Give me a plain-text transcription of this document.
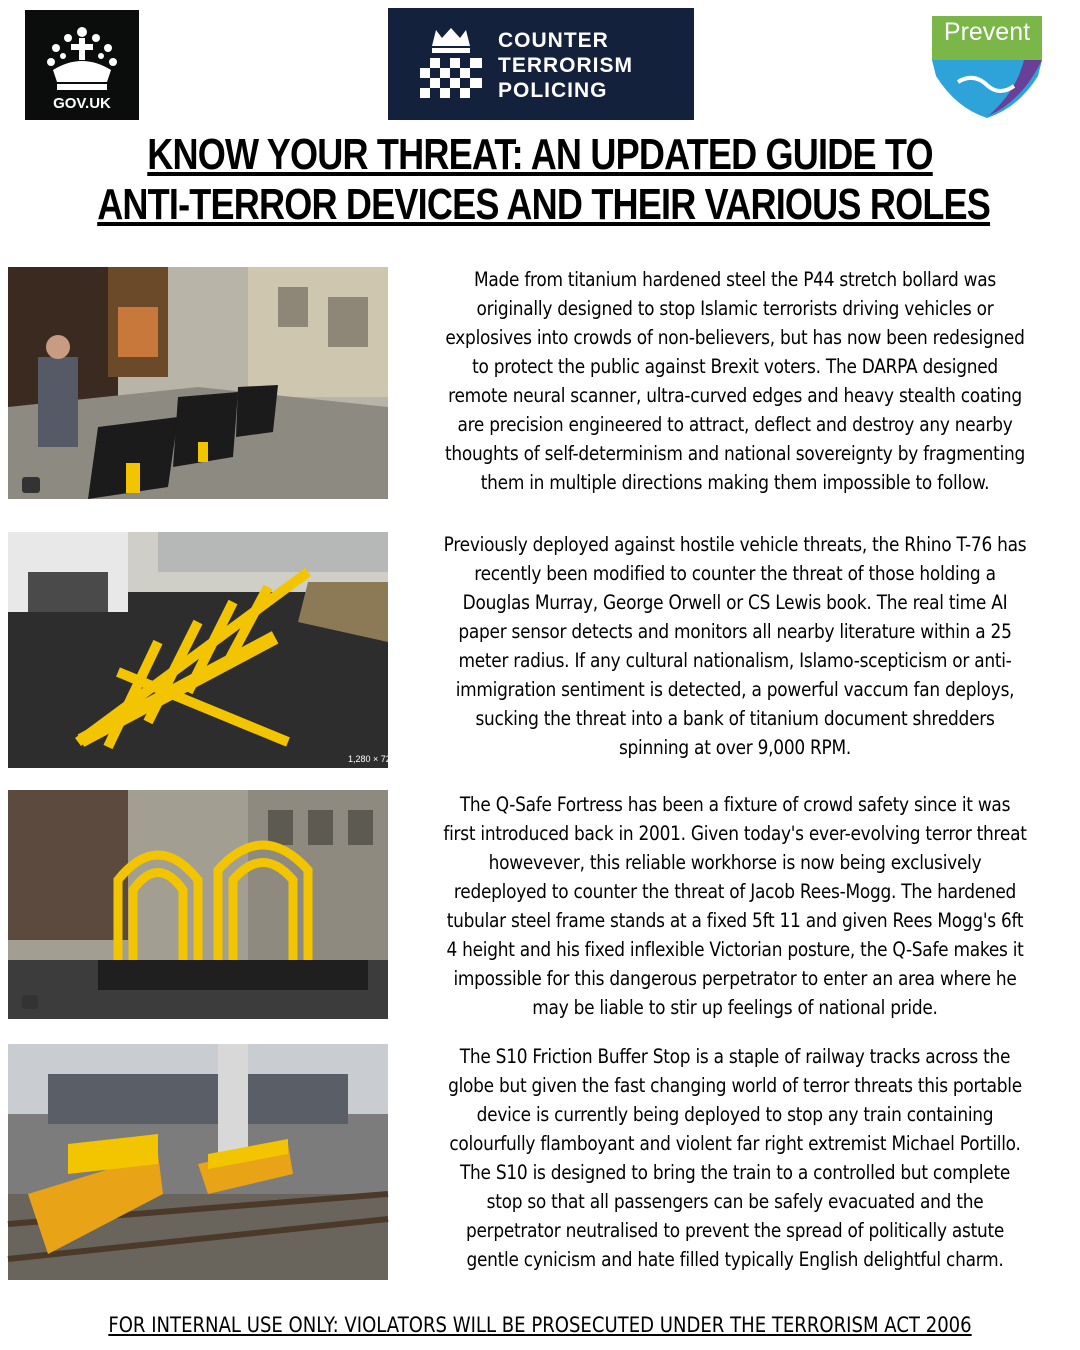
GOV.UK
COUNTER
TERRORISM
POLICING
Prevent
KNOW YOUR THREAT: AN UPDATED GUIDE TO
ANTI-TERROR DEVICES AND THEIR VARIOUS ROLES
1,280 × 720
Made from titanium hardened steel the P44 stretch bollard was originally designed to stop Islamic terrorists driving vehicles or explosives into crowds of non-believers, but has now been redesigned to protect the public against Brexit voters. The DARPA designed remote neural scanner, ultra-curved edges and heavy stealth coating are precision engineered to attract, deflect and destroy any nearby thoughts of self-determinism and national sovereignty by fragmenting them in multiple directions making them impossible to follow.
Previously deployed against hostile vehicle threats, the Rhino T-76 has recently been modified to counter the threat of those holding a Douglas Murray, George Orwell or CS Lewis book. The real time AI paper sensor detects and monitors all nearby literature within a 25 meter radius. If any cultural nationalism, Islamo-scepticism or anti-immigration sentiment is detected, a powerful vaccum fan deploys, sucking the threat into a bank of titanium document shredders spinning at over 9,000 RPM.
The Q-Safe Fortress has been a fixture of crowd safety since it was first introduced back in 2001. Given today's ever-evolving terror threat howevever, this reliable workhorse is now being exclusively redeployed to counter the threat of Jacob Rees-Mogg. The hardened tubular steel frame stands at a fixed 5ft 11 and given Rees Mogg's 6ft 4 height and his fixed inflexible Victorian posture, the Q-Safe makes it impossible for this dangerous perpetrator to enter an area where he may be liable to stir up feelings of national pride.
The S10 Friction Buffer Stop is a staple of railway tracks across the globe but given the fast changing world of terror threats this portable device is currently being deployed to stop any train containing colourfully flamboyant and violent far right extremist Michael Portillo. The S10 is designed to bring the train to a controlled but complete stop so that all passengers can be safely evacuated and the perpetrator neutralised to prevent the spread of politically astute gentle cynicism and hate filled typically English delightful charm.
FOR INTERNAL USE ONLY: VIOLATORS WILL BE PROSECUTED UNDER THE TERRORISM ACT 2006
